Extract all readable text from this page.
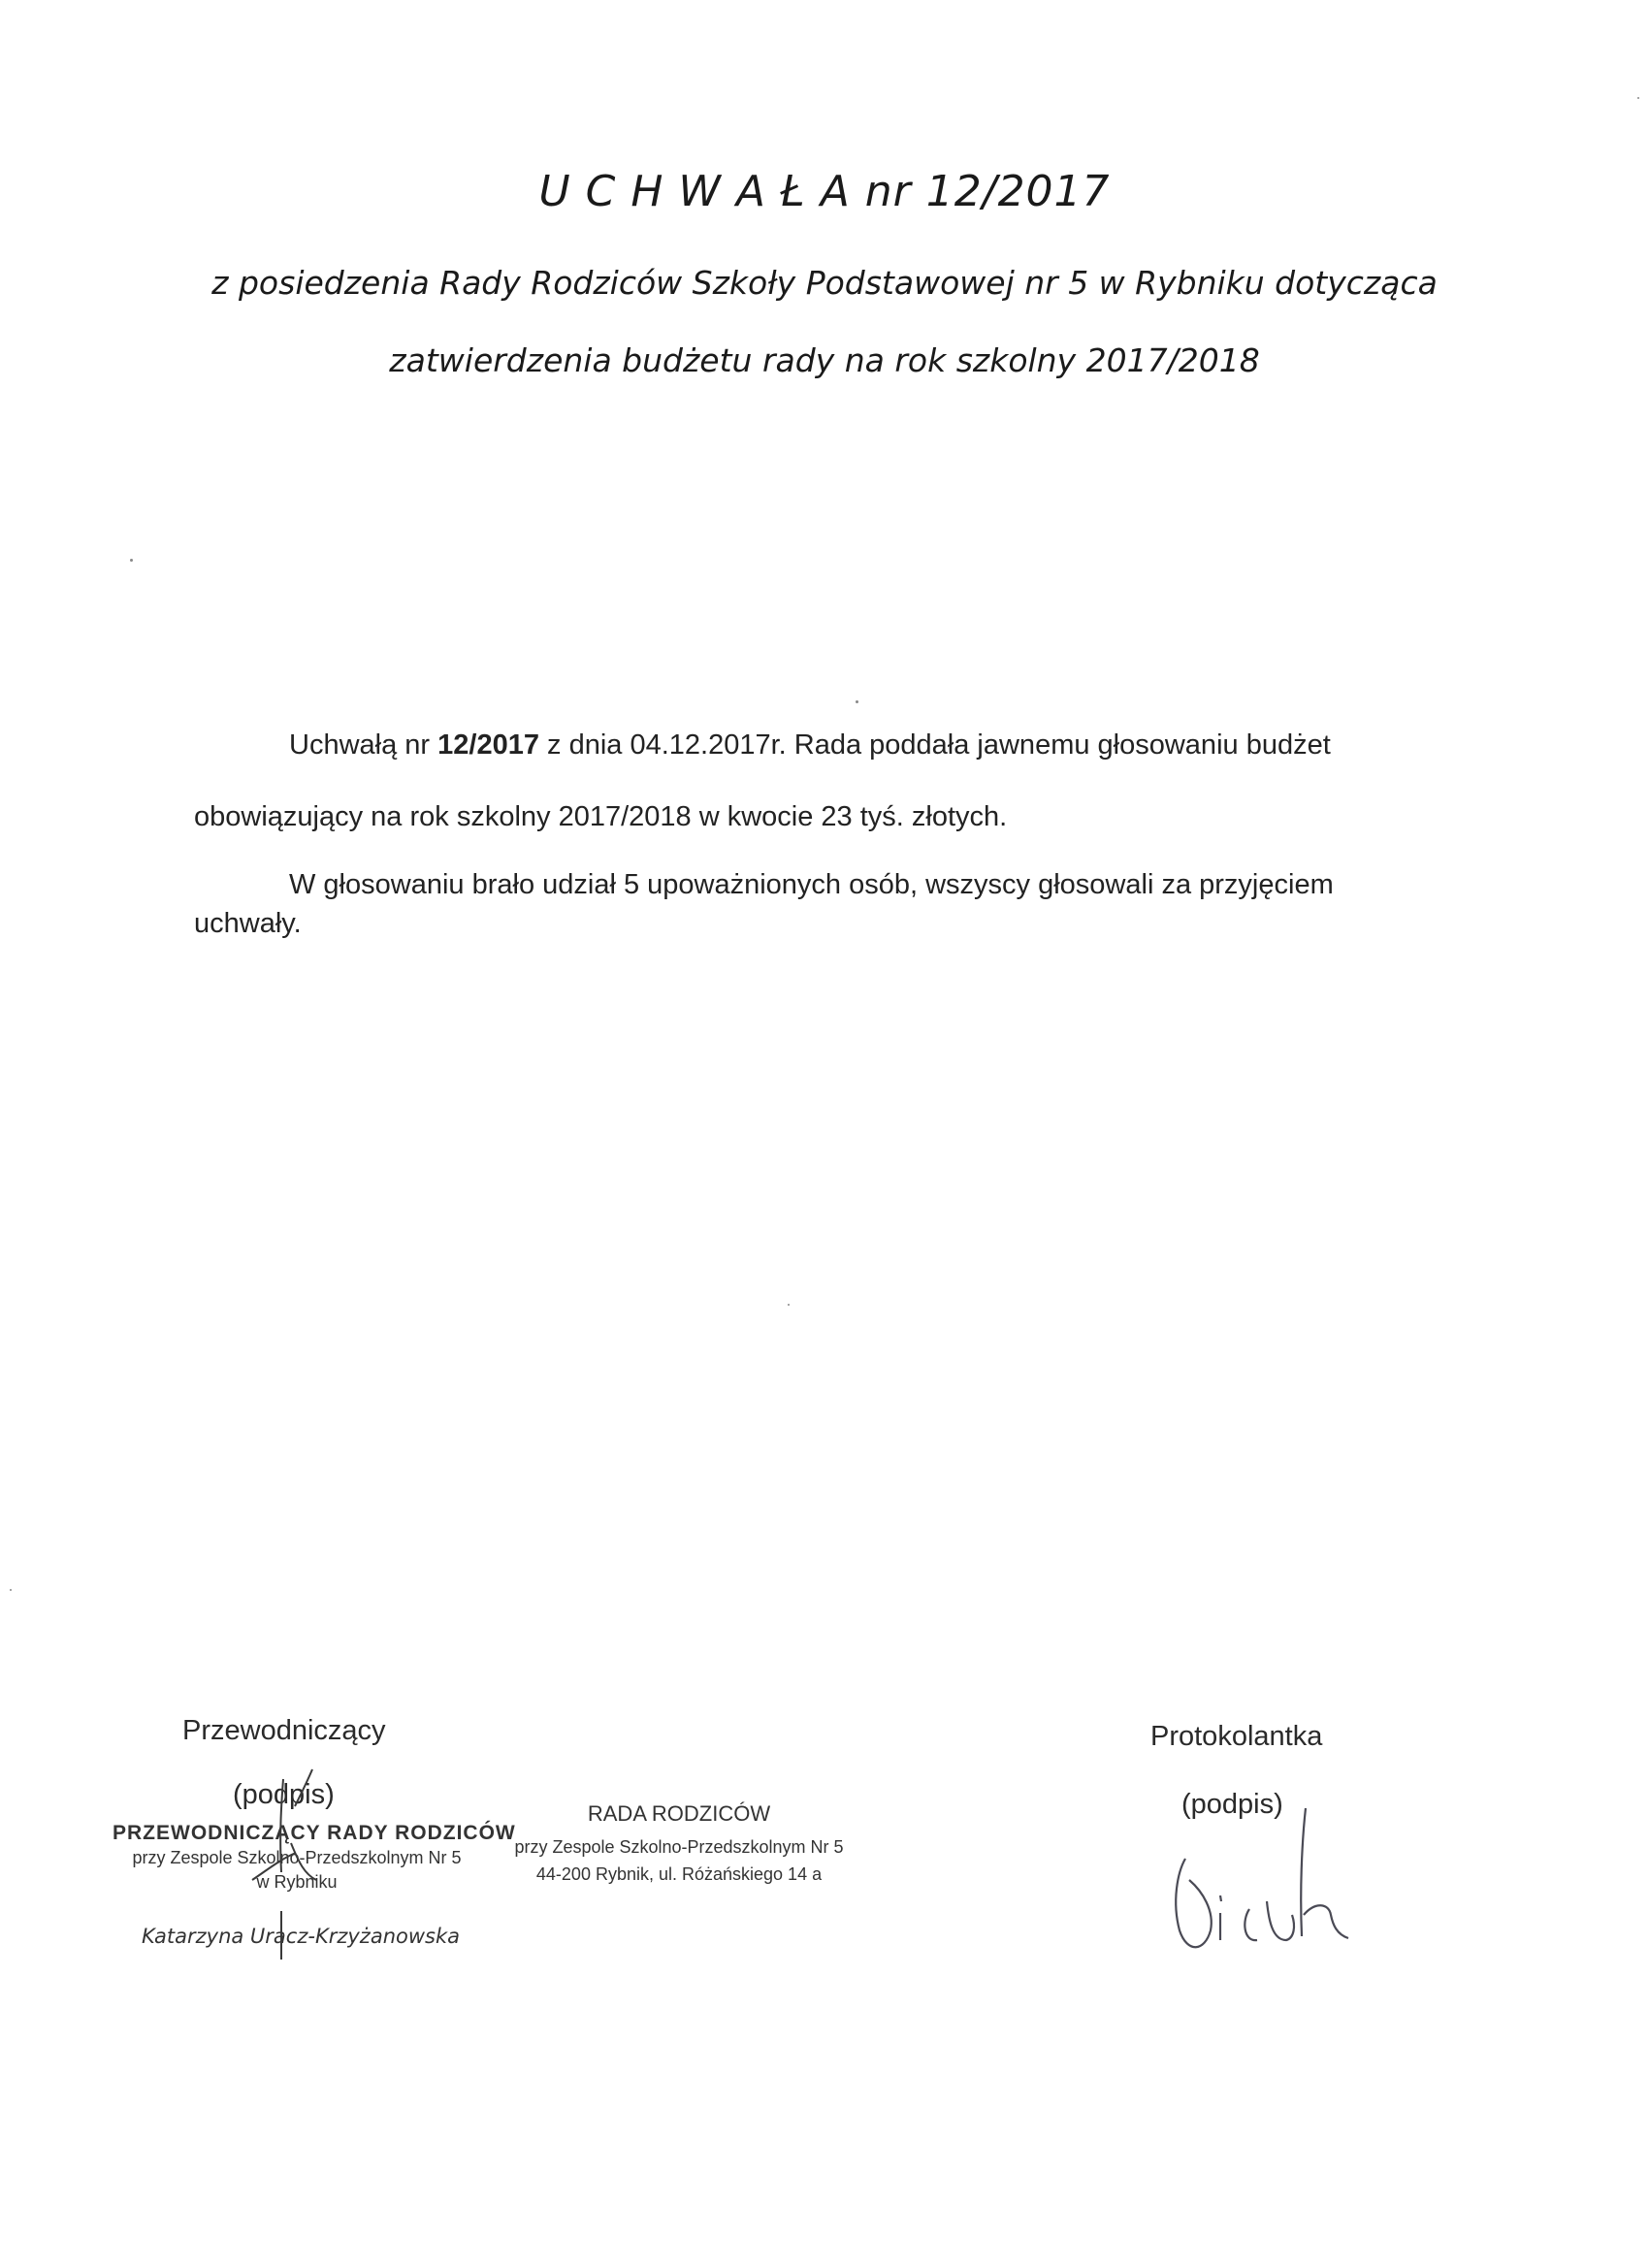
U C H W A Ł A nr 12/2017
z posiedzenia Rady Rodziców Szkoły Podstawowej nr 5 w Rybniku dotycząca
zatwierdzenia budżetu rady na rok szkolny 2017/2018
Uchwałą nr 12/2017 z dnia 04.12.2017r. Rada poddała jawnemu głosowaniu budżet
obowiązujący na rok szkolny 2017/2018 w kwocie 23 tyś. złotych.
W głosowaniu brało udział 5 upoważnionych osób, wszyscy głosowali za przyjęciem
uchwały.
Przewodniczący
(podpis)
PRZEWODNICZĄCY RADY RODZICÓW
przy Zespole Szkolno-Przedszkolnym Nr 5
w Rybniku
Katarzyna Uracz-Krzyżanowska
RADA RODZICÓW
przy Zespole Szkolno-Przedszkolnym Nr 5
44-200 Rybnik, ul. Różańskiego 14 a
Protokolantka
(podpis)
